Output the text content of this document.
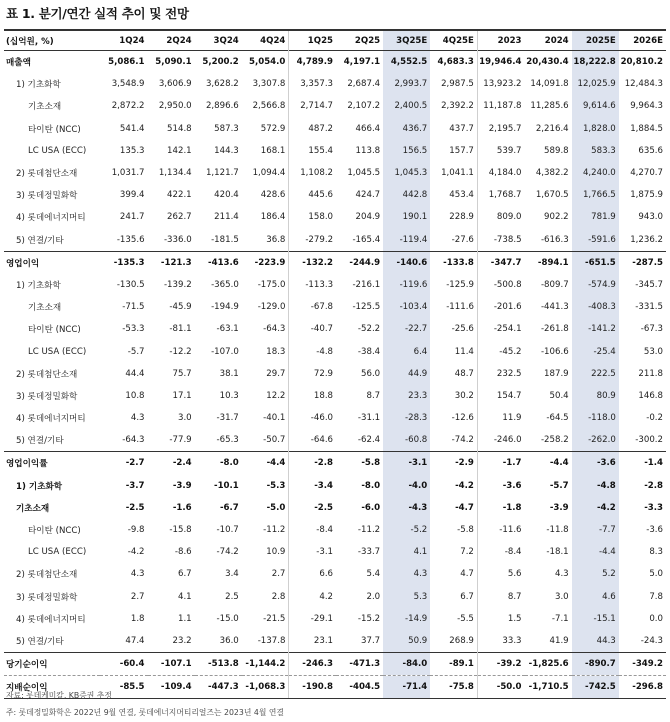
표 1. 분기/연간 실적 추이 및 전망
(십억원, %)	1Q24	2Q24	3Q24	4Q24	1Q25	2Q25	3Q25E	4Q25E	2023	2024	2025E	2026E
매출액	5,086.1	5,090.1	5,200.2	5,054.0	4,789.9	4,197.1	4,552.5	4,683.3	19,946.4	20,430.4	18,222.8	20,810.2
1) 기초화학	3,548.9	3,606.9	3,628.2	3,307.8	3,357.3	2,687.4	2,993.7	2,987.5	13,923.2	14,091.8	12,025.9	12,484.3
기초소재	2,872.2	2,950.0	2,896.6	2,566.8	2,714.7	2,107.2	2,400.5	2,392.2	11,187.8	11,285.6	9,614.6	9,964.3
타이탄 (NCC)	541.4	514.8	587.3	572.9	487.2	466.4	436.7	437.7	2,195.7	2,216.4	1,828.0	1,884.5
LC USA (ECC)	135.3	142.1	144.3	168.1	155.4	113.8	156.5	157.7	539.7	589.8	583.3	635.6
2) 롯데첨단소재	1,031.7	1,134.4	1,121.7	1,094.4	1,108.2	1,045.5	1,045.3	1,041.1	4,184.0	4,382.2	4,240.0	4,270.7
3) 롯데정밀화학	399.4	422.1	420.4	428.6	445.6	424.7	442.8	453.4	1,768.7	1,670.5	1,766.5	1,875.9
4) 롯데에너지머티	241.7	262.7	211.4	186.4	158.0	204.9	190.1	228.9	809.0	902.2	781.9	943.0
5) 연결/기타	-135.6	-336.0	-181.5	36.8	-279.2	-165.4	-119.4	-27.6	-738.5	-616.3	-591.6	1,236.2
영업이익	-135.3	-121.3	-413.6	-223.9	-132.2	-244.9	-140.6	-133.8	-347.7	-894.1	-651.5	-287.5
1) 기초화학	-130.5	-139.2	-365.0	-175.0	-113.3	-216.1	-119.6	-125.9	-500.8	-809.7	-574.9	-345.7
기초소재	-71.5	-45.9	-194.9	-129.0	-67.8	-125.5	-103.4	-111.6	-201.6	-441.3	-408.3	-331.5
타이탄 (NCC)	-53.3	-81.1	-63.1	-64.3	-40.7	-52.2	-22.7	-25.6	-254.1	-261.8	-141.2	-67.3
LC USA (ECC)	-5.7	-12.2	-107.0	18.3	-4.8	-38.4	6.4	11.4	-45.2	-106.6	-25.4	53.0
2) 롯데첨단소재	44.4	75.7	38.1	29.7	72.9	56.0	44.9	48.7	232.5	187.9	222.5	211.8
3) 롯데정밀화학	10.8	17.1	10.3	12.2	18.8	8.7	23.3	30.2	154.7	50.4	80.9	146.8
4) 롯데에너지머티	4.3	3.0	-31.7	-40.1	-46.0	-31.1	-28.3	-12.6	11.9	-64.5	-118.0	-0.2
5) 연결/기타	-64.3	-77.9	-65.3	-50.7	-64.6	-62.4	-60.8	-74.2	-246.0	-258.2	-262.0	-300.2
영업이익률	-2.7	-2.4	-8.0	-4.4	-2.8	-5.8	-3.1	-2.9	-1.7	-4.4	-3.6	-1.4
1) 기초화학	-3.7	-3.9	-10.1	-5.3	-3.4	-8.0	-4.0	-4.2	-3.6	-5.7	-4.8	-2.8
기초소재	-2.5	-1.6	-6.7	-5.0	-2.5	-6.0	-4.3	-4.7	-1.8	-3.9	-4.2	-3.3
타이탄 (NCC)	-9.8	-15.8	-10.7	-11.2	-8.4	-11.2	-5.2	-5.8	-11.6	-11.8	-7.7	-3.6
LC USA (ECC)	-4.2	-8.6	-74.2	10.9	-3.1	-33.7	4.1	7.2	-8.4	-18.1	-4.4	8.3
2) 롯데첨단소재	4.3	6.7	3.4	2.7	6.6	5.4	4.3	4.7	5.6	4.3	5.2	5.0
3) 롯데정밀화학	2.7	4.1	2.5	2.8	4.2	2.0	5.3	6.7	8.7	3.0	4.6	7.8
4) 롯데에너지머티	1.8	1.1	-15.0	-21.5	-29.1	-15.2	-14.9	-5.5	1.5	-7.1	-15.1	0.0
5) 연결/기타	47.4	23.2	36.0	-137.8	23.1	37.7	50.9	268.9	33.3	41.9	44.3	-24.3
당기순이익	-60.4	-107.1	-513.8	-1,144.2	-246.3	-471.3	-84.0	-89.1	-39.2	-1,825.6	-890.7	-349.2
지배순이익	-85.5	-109.4	-447.3	-1,068.3	-190.8	-404.5	-71.4	-75.8	-50.0	-1,710.5	-742.5	-296.8
자료: 롯데케미칼, KB증권 추정
주: 롯데정밀화학은 2022년 9월 연결, 롯데에너지머티리얼즈는 2023년 4월 연결
